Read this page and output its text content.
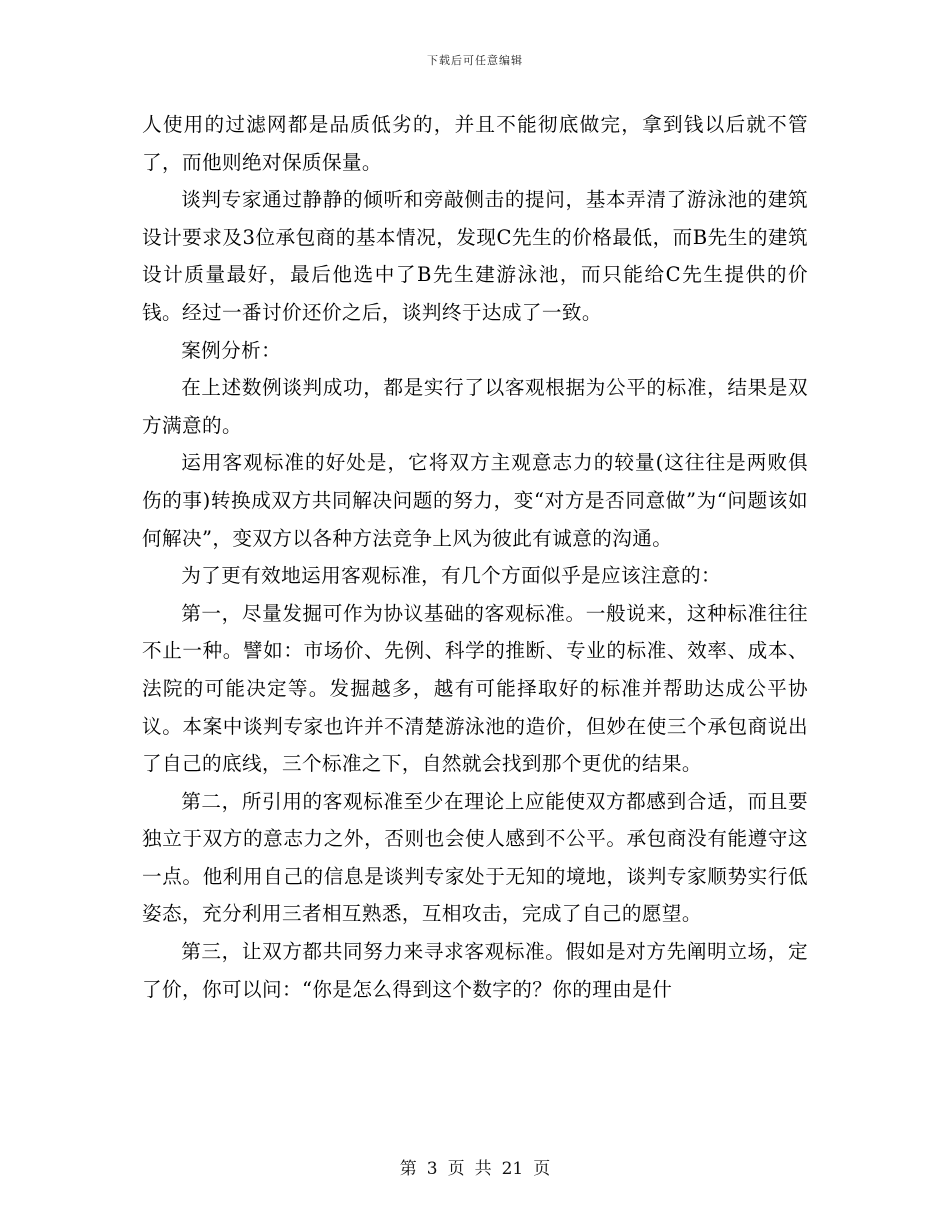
下载后可任意编辑

人使用的过滤网都是品质低劣的，并且不能彻底做完，拿到钱以后就不管了，而他则绝对保质保量。

谈判专家通过静静的倾听和旁敲侧击的提问，基本弄清了游泳池的建筑设计要求及3位承包商的基本情况，发现C先生的价格最低，而B先生的建筑设计质量最好，最后他选中了B先生建游泳池，而只能给C先生提供的价钱。经过一番讨价还价之后，谈判终于达成了一致。

案例分析：

在上述数例谈判成功，都是实行了以客观根据为公平的标准，结果是双方满意的。

运用客观标准的好处是，它将双方主观意志力的较量(这往往是两败俱伤的事)转换成双方共同解决问题的努力，变“对方是否同意做”为“问题该如何解决”，变双方以各种方法竞争上风为彼此有诚意的沟通。

为了更有效地运用客观标准，有几个方面似乎是应该注意的：

第一，尽量发掘可作为协议基础的客观标准。一般说来，这种标准往往不止一种。譬如：市场价、先例、科学的推断、专业的标准、效率、成本、法院的可能决定等。发掘越多，越有可能择取好的标准并帮助达成公平协议。本案中谈判专家也许并不清楚游泳池的造价，但妙在使三个承包商说出了自己的底线，三个标准之下，自然就会找到那个更优的结果。

第二，所引用的客观标准至少在理论上应能使双方都感到合适，而且要独立于双方的意志力之外，否则也会使人感到不公平。承包商没有能遵守这一点。他利用自己的信息是谈判专家处于无知的境地，谈判专家顺势实行低姿态，充分利用三者相互熟悉，互相攻击，完成了自己的愿望。

第三，让双方都共同努力来寻求客观标准。假如是对方先阐明立场，定了价，你可以问：“你是怎么得到这个数字的？你的理由是什

第 3 页 共 21 页
